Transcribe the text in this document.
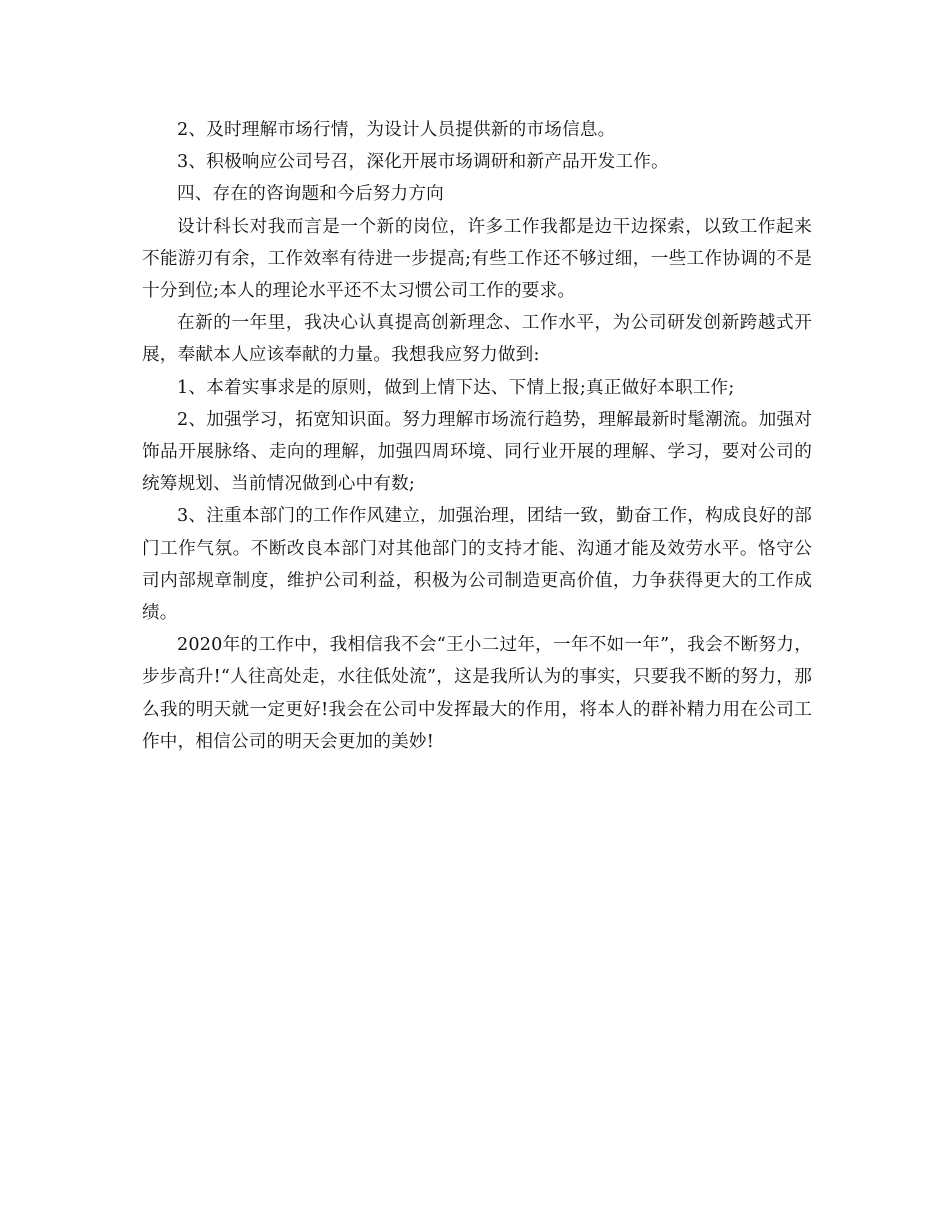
2、及时理解市场行情，为设计人员提供新的市场信息。

3、积极响应公司号召，深化开展市场调研和新产品开发工作。

四、存在的咨询题和今后努力方向

设计科长对我而言是一个新的岗位，许多工作我都是边干边探索，以致工作起来不能游刃有余，工作效率有待进一步提高;有些工作还不够过细，一些工作协调的不是十分到位;本人的理论水平还不太习惯公司工作的要求。

在新的一年里，我决心认真提高创新理念、工作水平，为公司研发创新跨越式开展，奉献本人应该奉献的力量。我想我应努力做到:

1、本着实事求是的原则，做到上情下达、下情上报;真正做好本职工作;

2、加强学习，拓宽知识面。努力理解市场流行趋势，理解最新时髦潮流。加强对饰品开展脉络、走向的理解，加强四周环境、同行业开展的理解、学习，要对公司的统筹规划、当前情况做到心中有数;

3、注重本部门的工作作风建立，加强治理，团结一致，勤奋工作，构成良好的部门工作气氛。不断改良本部门对其他部门的支持才能、沟通才能及效劳水平。恪守公司内部规章制度，维护公司利益，积极为公司制造更高价值，力争获得更大的工作成绩。

2020年的工作中，我相信我不会“王小二过年，一年不如一年”，我会不断努力，步步高升!“人往高处走，水往低处流”，这是我所认为的事实，只要我不断的努力，那么我的明天就一定更好!我会在公司中发挥最大的作用，将本人的群补精力用在公司工作中，相信公司的明天会更加的美妙!
